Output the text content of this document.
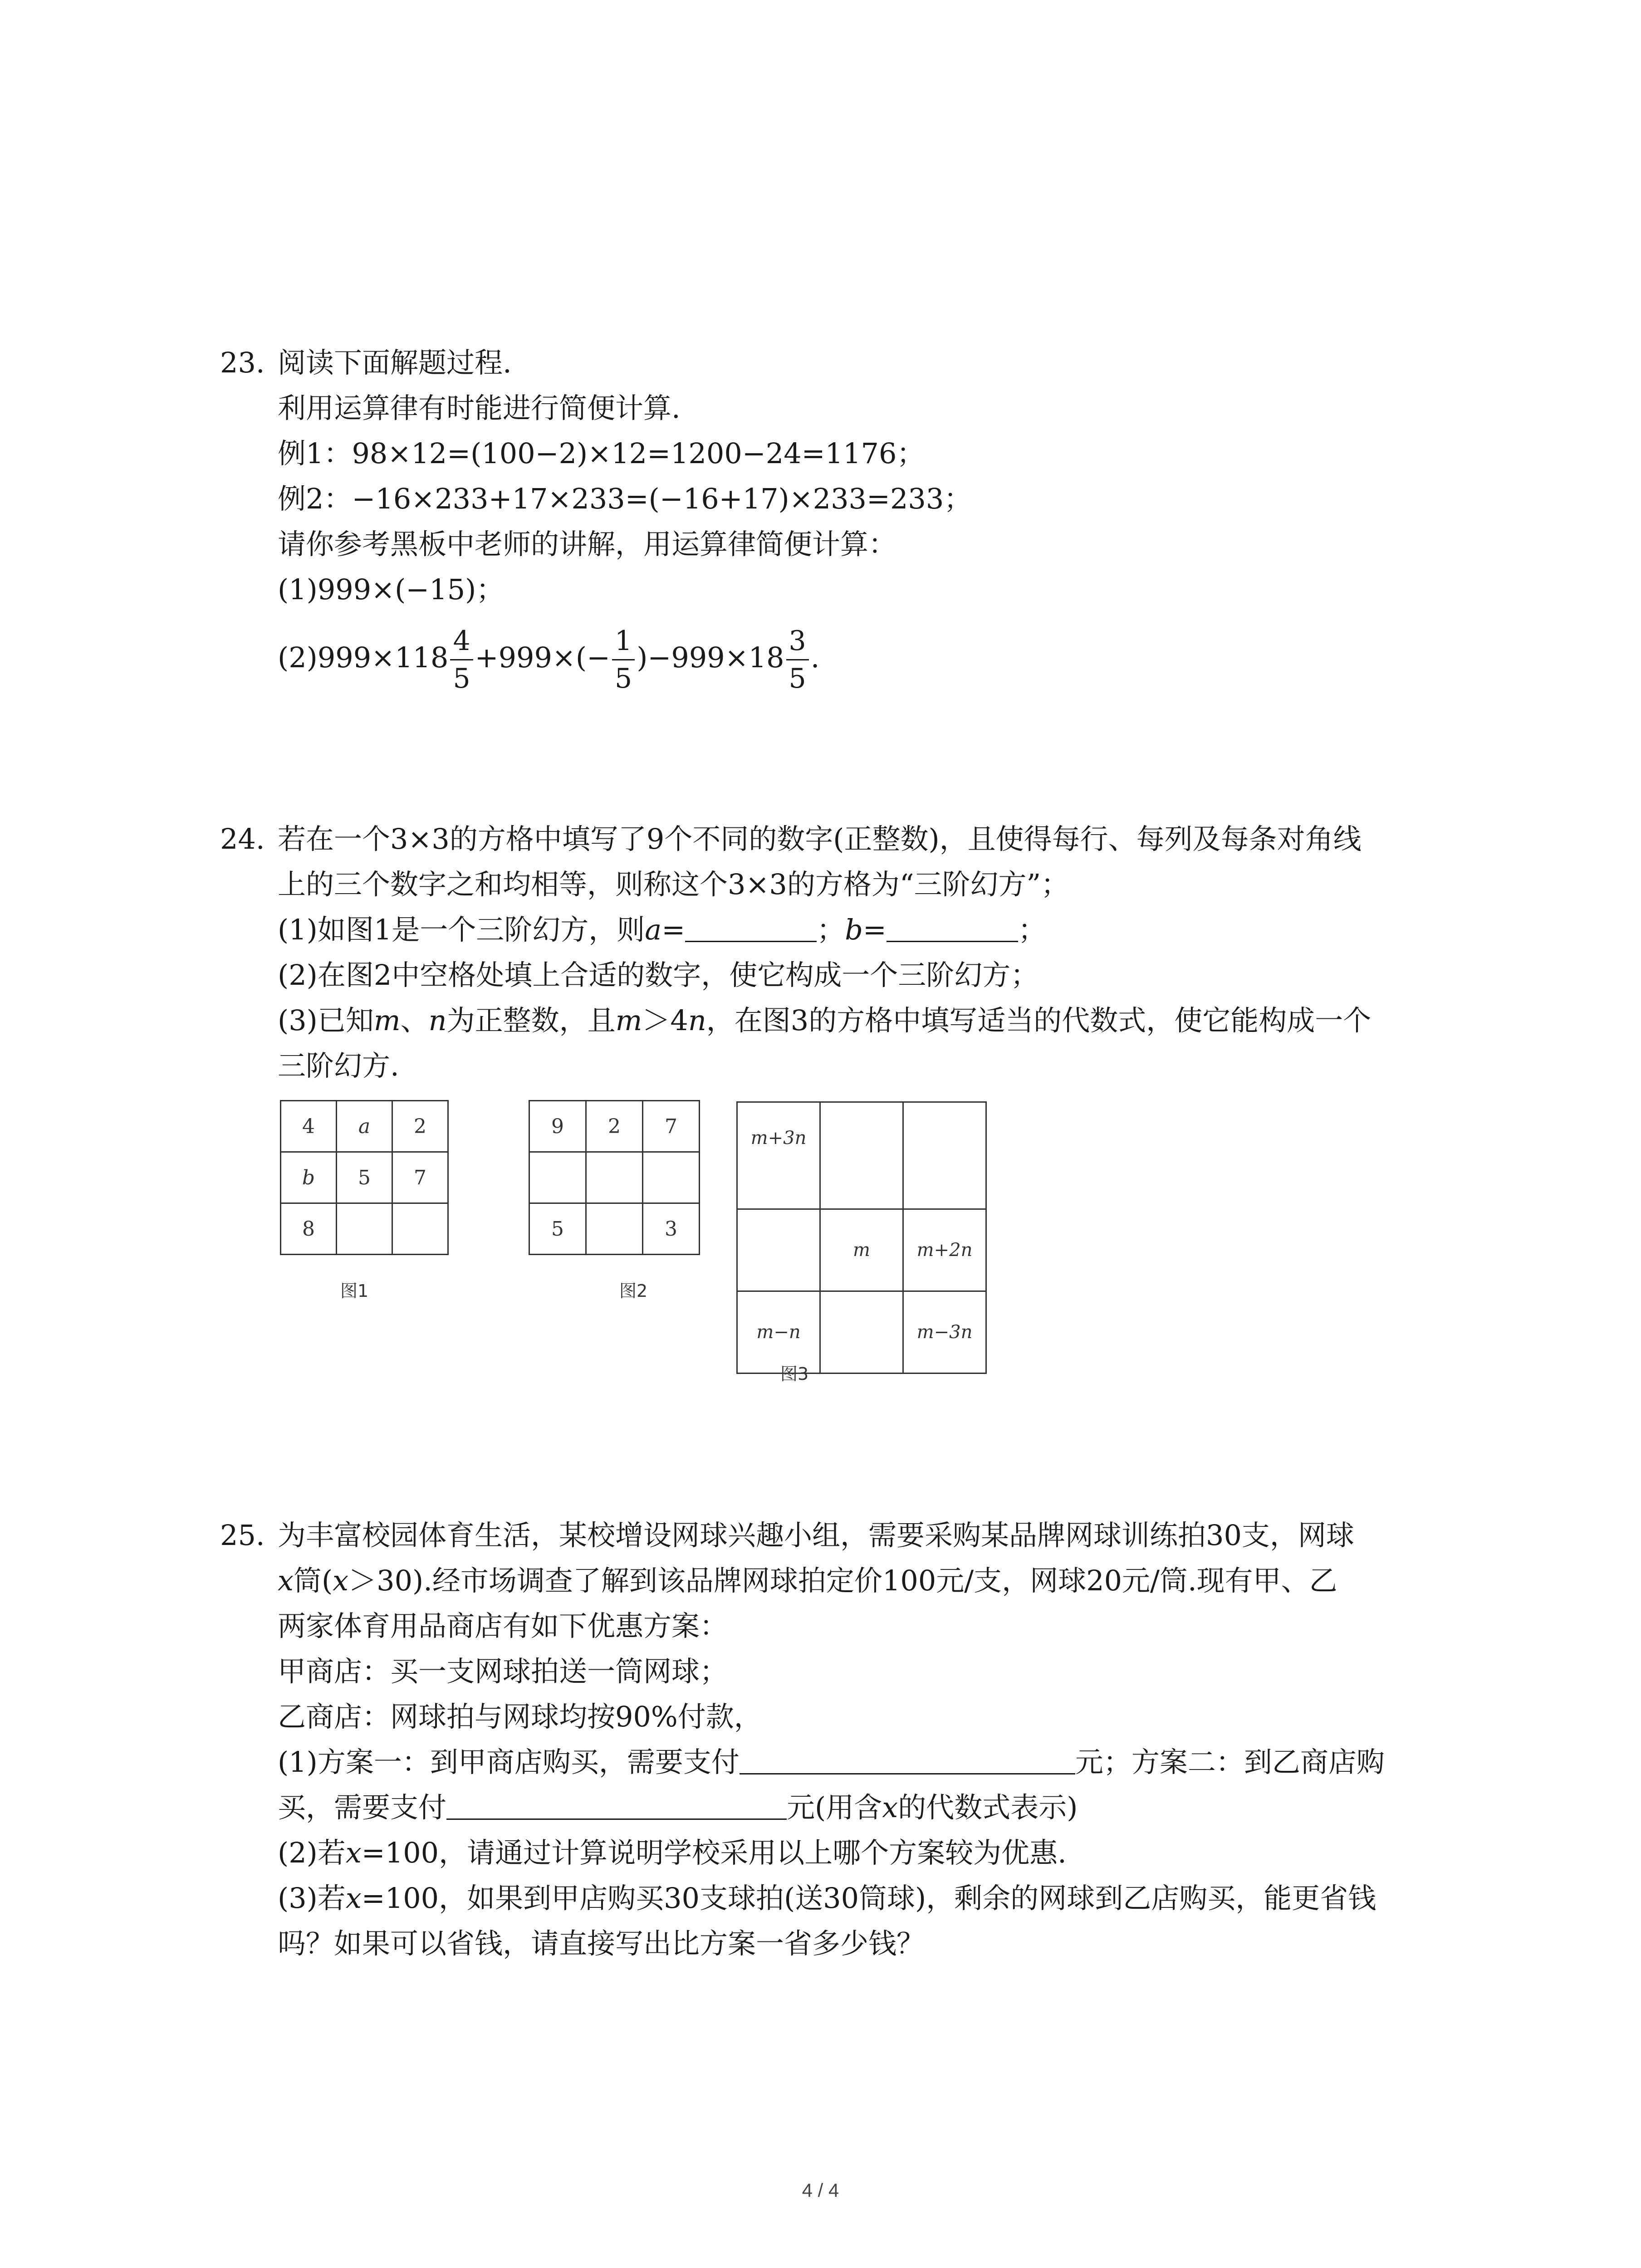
23. 阅读下面解题过程.
利用运算律有时能进行简便计算.
例1：98×12=(100−2)×12=1200−24=1176；
例2：−16×233+17×233=(−16+17)×233=233；
请你参考黑板中老师的讲解，用运算律简便计算：
(1)999×(−15)；
$(2)999\times 118 \frac{4}{5} +999\times(- \frac{1}{5} )-999\times 18 \frac{3}{5}$ .
24. 若在一个3×3的方格中填写了9个不同的数字(正整数)，且使得每行、每列及每条对角线
上的三个数字之和均相等，则称这个3×3的方格为“三阶幻方”；
(1)如图1是一个三阶幻方，则a=	；b=	；
(2)在图2中空格处填上合适的数字，使它构成一个三阶幻方；
(3)已知m、n为正整数，且m＞4n，在图3的方格中填写适当的代数式，使它能构成一个
三阶幻方.
4	a	2
b	5	7
8		
图1
9	2	7

5		3
图2
m+3n		
	m	m+2n
m−n		m−3n
图3
25. 为丰富校园体育生活，某校增设网球兴趣小组，需要采购某品牌网球训练拍30支，网球
x筒(x＞30).经市场调查了解到该品牌网球拍定价100元/支，网球20元/筒.现有甲、乙
两家体育用品商店有如下优惠方案：
甲商店：买一支网球拍送一筒网球；
乙商店：网球拍与网球均按90%付款，
(1)方案一：到甲商店购买，需要支付	元；方案二：到乙商店购
买，需要支付	元(用含x的代数式表示)
(2)若x=100，请通过计算说明学校采用以上哪个方案较为优惠.
(3)若x=100，如果到甲店购买30支球拍(送30筒球)，剩余的网球到乙店购买，能更省钱
吗？如果可以省钱，请直接写出比方案一省多少钱？
4 / 4
